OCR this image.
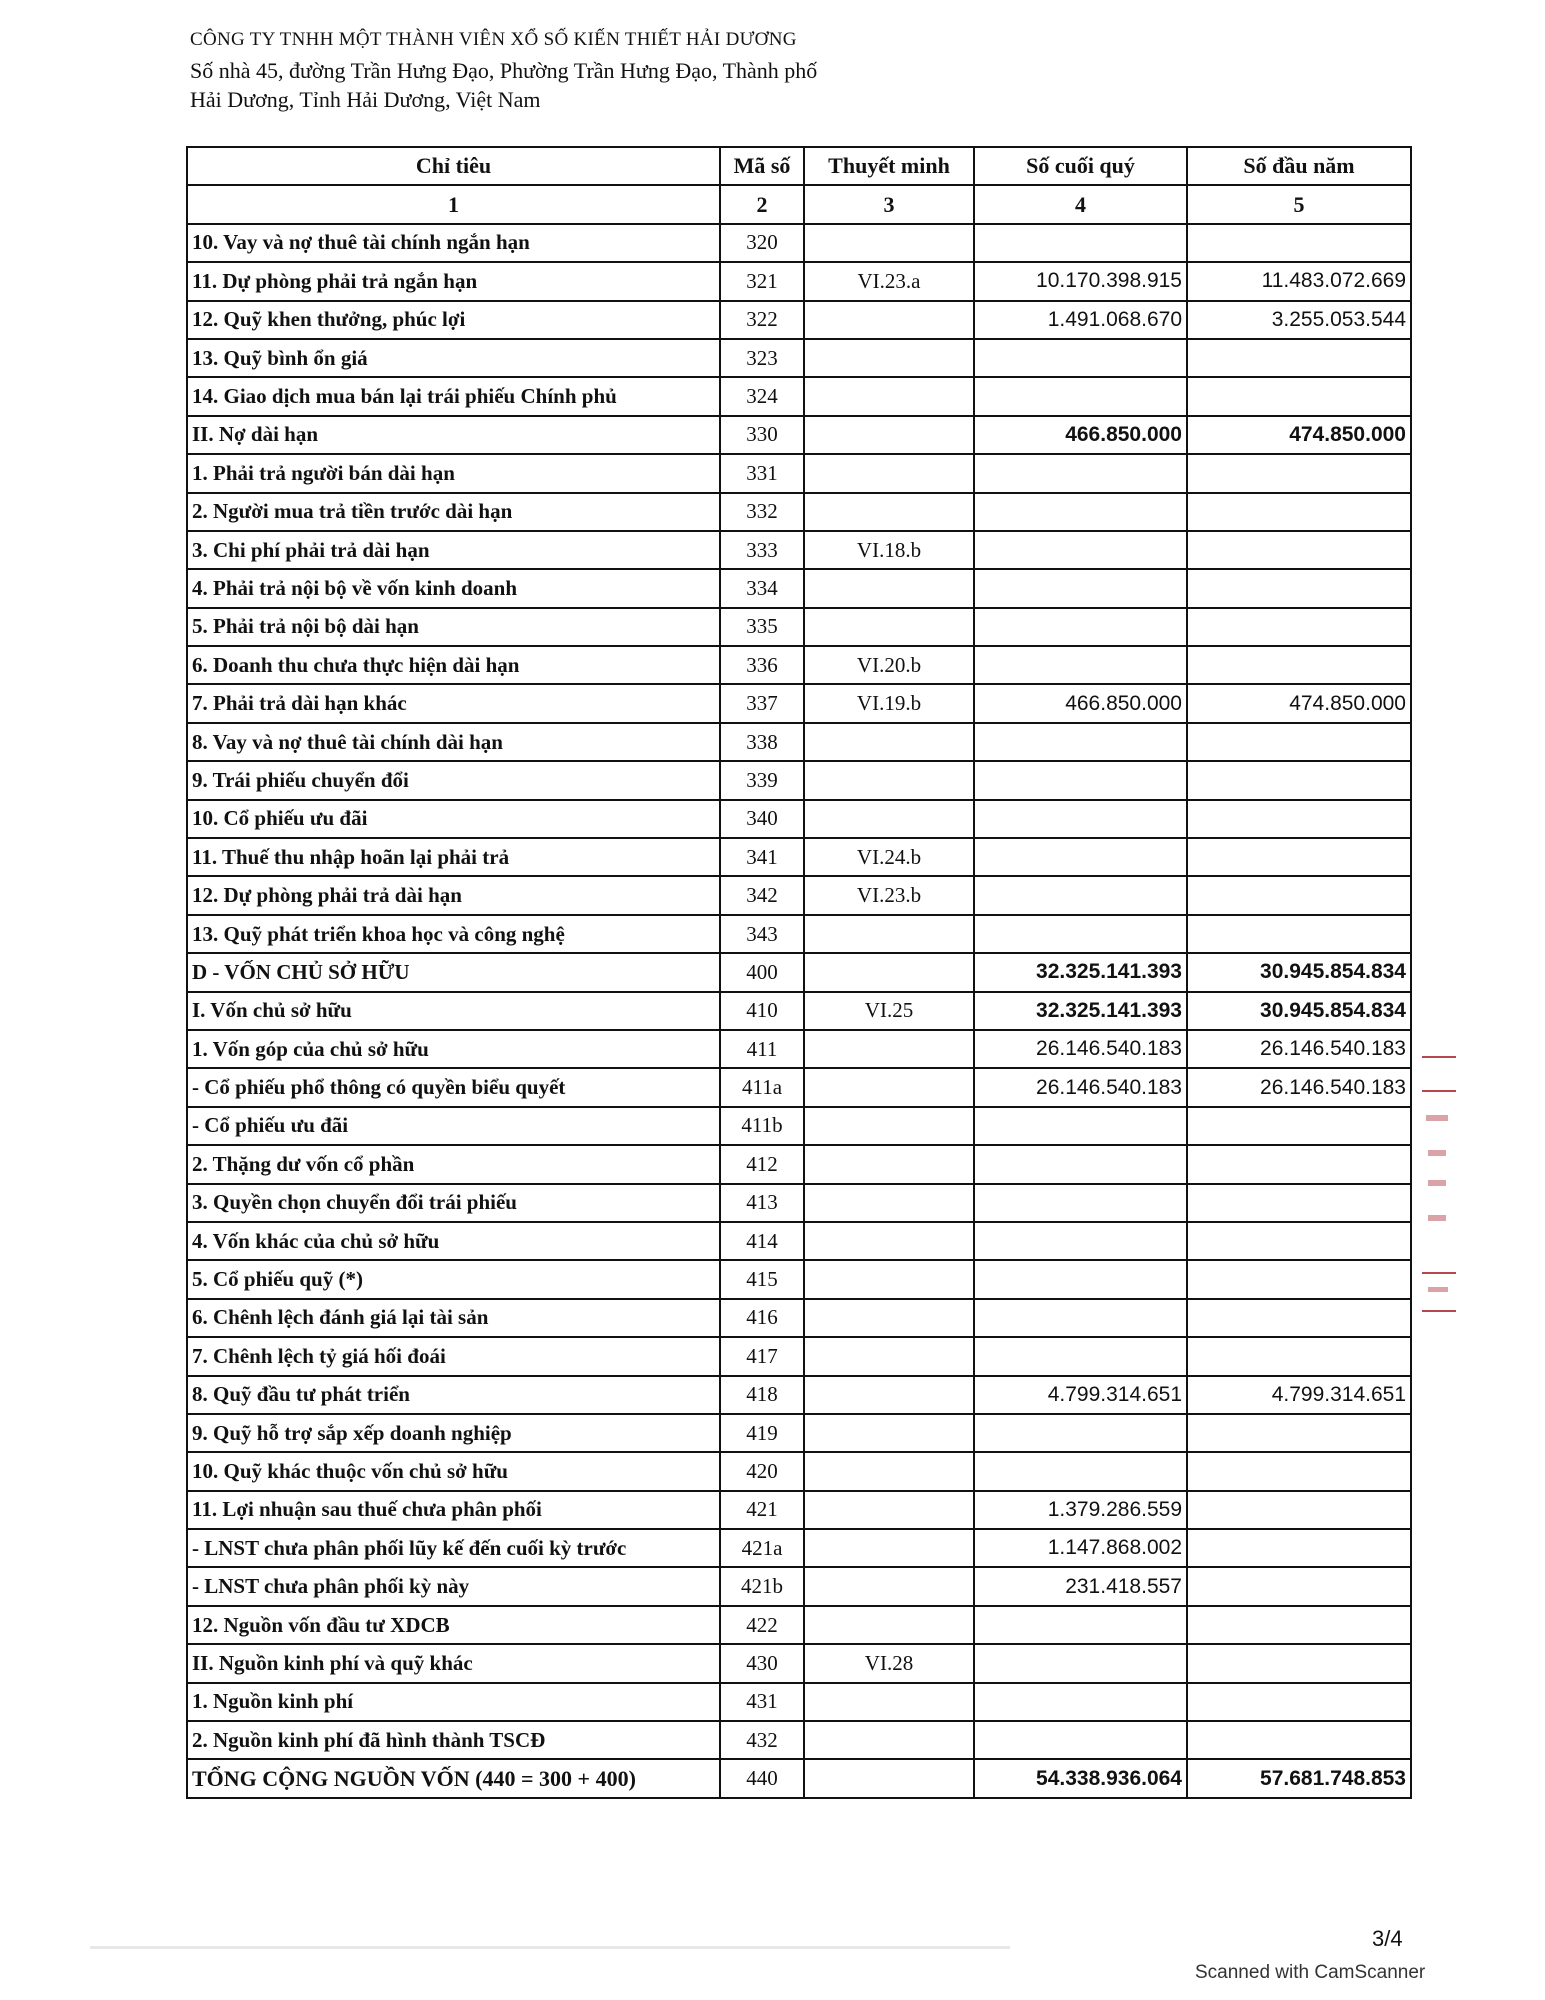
CÔNG TY TNHH MỘT THÀNH VIÊN XỔ SỐ KIẾN THIẾT HẢI DƯƠNG

Số nhà 45, đường Trần Hưng Đạo, Phường Trần Hưng Đạo, Thành phố

Hải Dương, Tỉnh Hải Dương, Việt Nam

Chỉ tiêu	Mã số	Thuyết minh	Số cuối quý	Số đầu năm
1	2	3	4	5
10. Vay và nợ thuê tài chính ngắn hạn	320			
11. Dự phòng phải trả ngắn hạn	321	VI.23.a	10.170.398.915	11.483.072.669
12. Quỹ khen thưởng, phúc lợi	322		1.491.068.670	3.255.053.544
13. Quỹ bình ổn giá	323			
14. Giao dịch mua bán lại trái phiếu Chính phủ	324			
II. Nợ dài hạn	330		466.850.000	474.850.000
1. Phải trả người bán dài hạn	331			
2. Người mua trả tiền trước dài hạn	332			
3. Chi phí phải trả dài hạn	333	VI.18.b		
4. Phải trả nội bộ về vốn kinh doanh	334			
5. Phải trả nội bộ dài hạn	335			
6. Doanh thu chưa thực hiện dài hạn	336	VI.20.b		
7. Phải trả dài hạn khác	337	VI.19.b	466.850.000	474.850.000
8. Vay và nợ thuê tài chính dài hạn	338			
9. Trái phiếu chuyển đổi	339			
10. Cổ phiếu ưu đãi	340			
11. Thuế thu nhập hoãn lại phải trả	341	VI.24.b		
12. Dự phòng phải trả dài hạn	342	VI.23.b		
13. Quỹ phát triển khoa học và công nghệ	343			
D - VỐN CHỦ SỞ HỮU	400		32.325.141.393	30.945.854.834
I. Vốn chủ sở hữu	410	VI.25	32.325.141.393	30.945.854.834
1. Vốn góp của chủ sở hữu	411		26.146.540.183	26.146.540.183
- Cổ phiếu phổ thông có quyền biểu quyết	411a		26.146.540.183	26.146.540.183
- Cổ phiếu ưu đãi	411b			
2. Thặng dư vốn cổ phần	412			
3. Quyền chọn chuyển đổi trái phiếu	413			
4. Vốn khác của chủ sở hữu	414			
5. Cổ phiếu quỹ (*)	415			
6. Chênh lệch đánh giá lại tài sản	416			
7. Chênh lệch tỷ giá hối đoái	417			
8. Quỹ đầu tư phát triển	418		4.799.314.651	4.799.314.651
9. Quỹ hỗ trợ sắp xếp doanh nghiệp	419			
10. Quỹ khác thuộc vốn chủ sở hữu	420			
11. Lợi nhuận sau thuế chưa phân phối	421		1.379.286.559	
- LNST chưa phân phối lũy kế đến cuối kỳ trước	421a		1.147.868.002	
- LNST chưa phân phối kỳ này	421b		231.418.557	
12. Nguồn vốn đầu tư XDCB	422			
II. Nguồn kinh phí và quỹ khác	430	VI.28		
1. Nguồn kinh phí	431			
2. Nguồn kinh phí đã hình thành TSCĐ	432			
TỔNG CỘNG NGUỒN VỐN (440 = 300 + 400)	440		54.338.936.064	57.681.748.853
3/4
Scanned with CamScanner
